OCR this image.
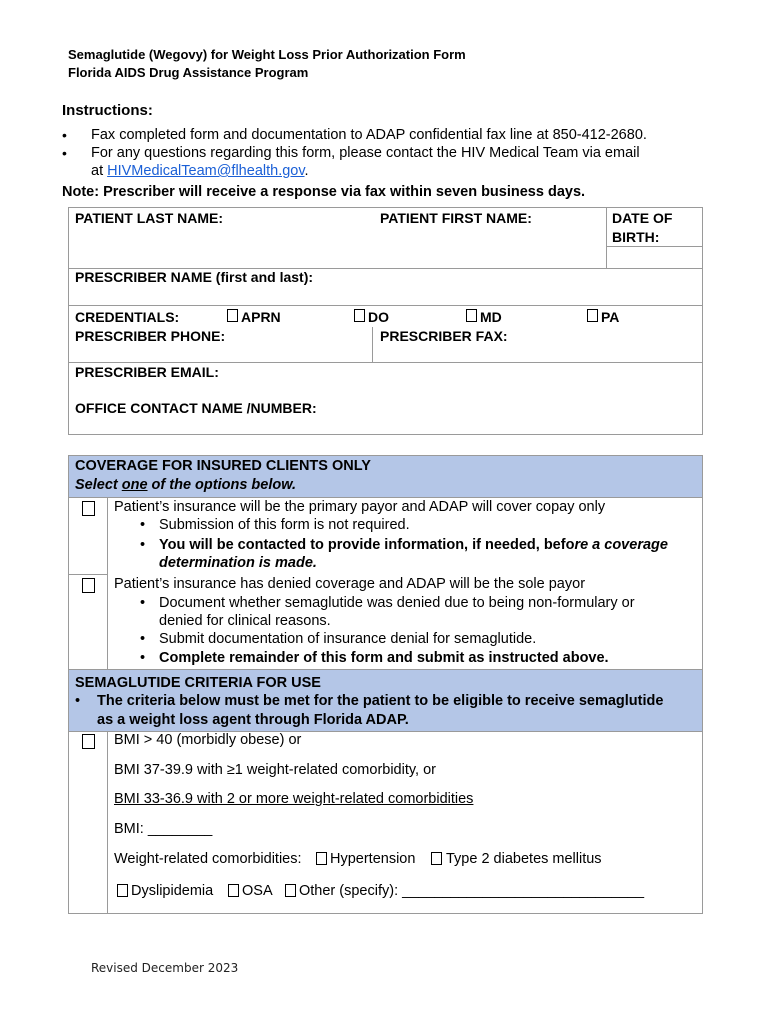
Semaglutide (Wegovy) for Weight Loss Prior Authorization Form
Florida AIDS Drug Assistance Program
Instructions:
• Fax completed form and documentation to ADAP confidential fax line at 850-412-2680.
• For any questions regarding this form, please contact the HIV Medical Team via email
at HIVMedicalTeam@flhealth.gov.
Note: Prescriber will receive a response via fax within seven business days.
PATIENT LAST NAME:	PATIENT FIRST NAME:	DATE OF
BIRTH:
PRESCRIBER NAME (first and last):
CREDENTIALS:	APRN	DO	MD	PA
PRESCRIBER PHONE:	PRESCRIBER FAX:
PRESCRIBER EMAIL:
OFFICE CONTACT NAME /NUMBER:
COVERAGE FOR INSURED CLIENTS ONLY
Select one of the options below.
Patient’s insurance will be the primary payor and ADAP will cover copay only
• Submission of this form is not required.
• You will be contacted to provide information, if needed, before a coverage
determination is made.
Patient’s insurance has denied coverage and ADAP will be the sole payor
• Document whether semaglutide was denied due to being non-formulary or
denied for clinical reasons.
• Submit documentation of insurance denial for semaglutide.
• Complete remainder of this form and submit as instructed above.
SEMAGLUTIDE CRITERIA FOR USE
• The criteria below must be met for the patient to be eligible to receive semaglutide
as a weight loss agent through Florida ADAP.
BMI > 40 (morbidly obese) or
BMI 37-39.9 with ≥1 weight-related comorbidity, or
BMI 33-36.9 with 2 or more weight-related comorbidities
BMI: ________
Weight-related comorbidities: Hypertension Type 2 diabetes mellitus
Dyslipidemia OSA Other (specify): ______________________________
Revised December 2023
